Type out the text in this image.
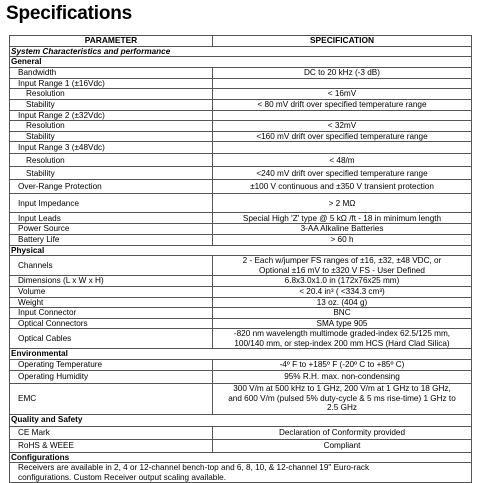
Specifications
PARAMETER	SPECIFICATION
System Characteristics and performance	
General	
Bandwidth	DC to 20 kHz (-3 dB)
Input Range 1 (±16Vdc)	
Resolution	< 16mV
Stability	< 80 mV drift over specified temperature range
Input Range 2 (±32Vdc)	
Resolution	< 32mV
Stability	<160 mV drift over specified temperature range
Input Range 3 (±48Vdc)	
Resolution	< 48/m
Stability	<240 mV drift over specified temperature range
Over-Range Protection	±100 V continuous and ±350 V transient protection
Input Impedance	> 2 MΩ
Input Leads	Special High 'Z' type @ 5 kΩ /ft - 18 in minimum length
Power Source	3-AA Alkaline Batteries
Battery Life	> 60 h
Physical	
Channels	2 - Each w/jumper FS ranges of ±16, ±32, ±48 VDC, or
Optional ±16 mV to ±320 V FS - User Defined

Dimensions (L x W x H)	6.8x3.0x1.0 in (172x76x25 mm)
Volume	< 20.4 in³ ( <334.3 cm³)
Weight	13 oz. (404 g)
Input Connector	BNC
Optical Connectors	SMA type 905
Optical Cables	-820 nm wavelength multimode graded-index 62.5/125 mm,
100/140 mm, or step-index 200 mm HCS (Hard Clad Silica)

Environmental	
Operating Temperature	-4º F to +185º F (-20º C to +85º C)
Operating Humidity	95% R.H. max. non-condensing
EMC	300 V/m at 500 kHz to 1 GHz, 200 V/m at 1 GHz to 18 GHz,
and 600 V/m (pulsed 5% duty-cycle & 5 ms rise-time) 1 GHz to
2.5 GHz

Quality and Safety	
CE Mark	Declaration of Conformity provided
RoHS & WEEE	Compliant
Configurations	

Receivers are available in 2, 4 or 12-channel bench-top and 6, 8, 10, & 12-channel 19" Euro-rack
configurations. Custom Receiver output scaling available.	
